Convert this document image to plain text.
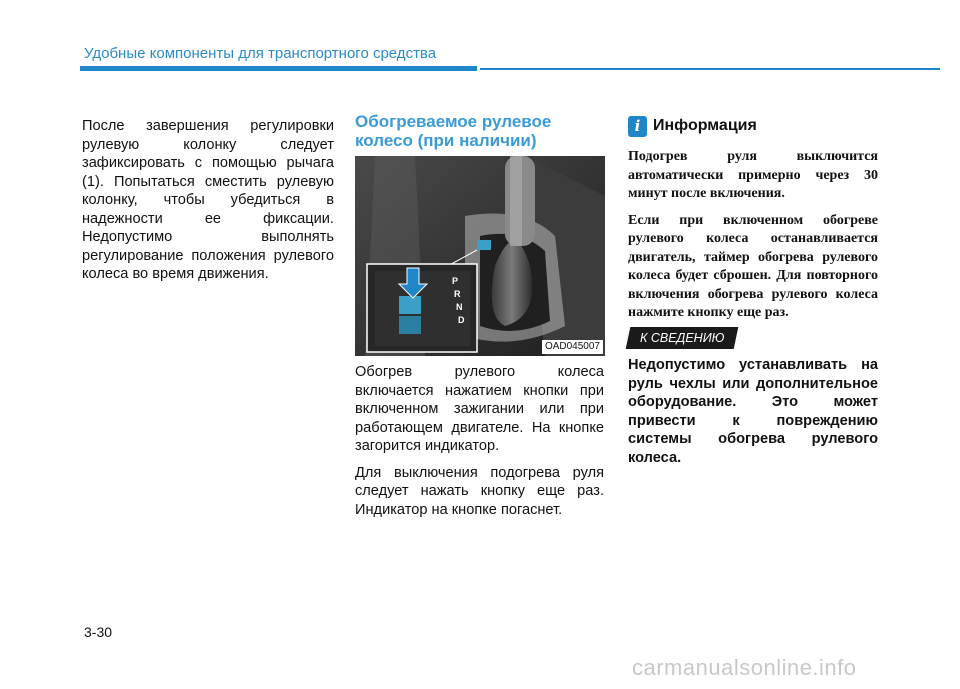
Удобные компоненты для транспортного средства
После завершения регулировки рулевую колонку следует зафиксировать с помощью рычага (1). Попытаться сместить рулевую колонку, чтобы убедиться в надежности ее фиксации. Недопустимо выполнять регулирование положения рулевого колеса во время движения.
Обогреваемое рулевое колесо (при наличии)
P
R
N
D
OAD045007

Обогрев рулевого колеса включается нажатием кнопки при включенном зажигании или при работающем двигателе. На кнопке загорится индикатор.

Для выключения подогрева руля следует нажать кнопку еще раз. Индикатор на кнопке погаснет.

i Информация

Подогрев руля выключится автоматически примерно через 30 минут после включения.

Если при включенном обогреве рулевого колеса останавливается двигатель, таймер обогрева рулевого колеса будет сброшен. Для повторного включения обогрева рулевого колеса нажмите кнопку еще раз.

К СВЕДЕНИЮ
Недопустимо устанавливать на руль чехлы или дополнительное оборудование. Это может привести к повреждению системы обогрева рулевого колеса.
3-30
carmanualsonline.info
